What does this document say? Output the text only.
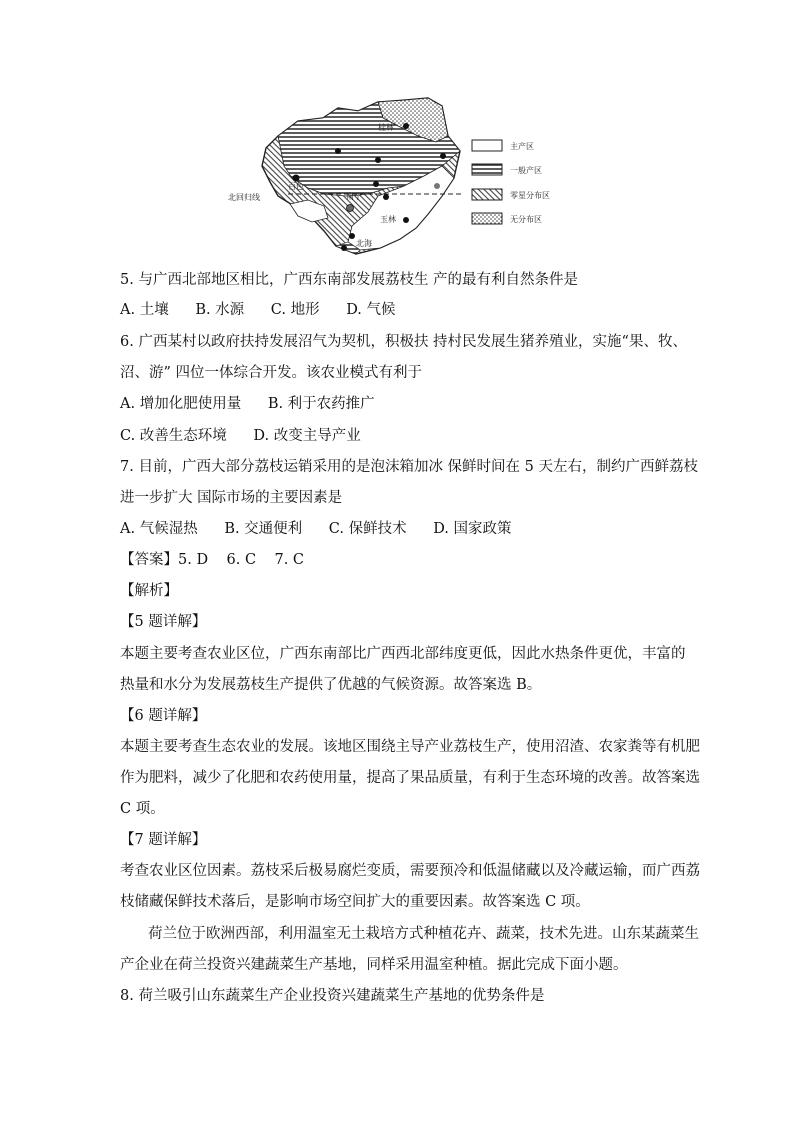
桂林
百色
南宁
玉林
北海
北回归线
主产区
一般产区
零星分布区
无分布区
5. 与广西北部地区相比，广西东南部发展荔枝生 产的最有利自然条件是
A. 土壤 B. 水源 C. 地形 D. 气候
6. 广西某村以政府扶持发展沼气为契机，积极扶 持村民发展生猪养殖业，实施“果、牧、
沼、游” 四位一体综合开发。该农业模式有利于
A. 增加化肥使用量 B. 利于农药推广
C. 改善生态环境 D. 改变主导产业
7. 目前，广西大部分荔枝运销采用的是泡沫箱加冰 保鲜时间在 5 天左右，制约广西鲜荔枝
进一步扩大 国际市场的主要因素是
A. 气候湿热 B. 交通便利 C. 保鲜技术 D. 国家政策
【答案】5. D    6. C    7. C
【解析】
【5 题详解】
本题主要考查农业区位，广西东南部比广西西北部纬度更低，因此水热条件更优，丰富的
热量和水分为发展荔枝生产提供了优越的气候资源。故答案选 B。
【6 题详解】
本题主要考查生态农业的发展。该地区围绕主导产业荔枝生产，使用沼渣、农家粪等有机肥
作为肥料，减少了化肥和农药使用量，提高了果品质量，有利于生态环境的改善。故答案选
C 项。
【7 题详解】
考查农业区位因素。荔枝采后极易腐烂变质，需要预冷和低温储藏以及冷藏运输，而广西荔
枝储藏保鲜技术落后，是影响市场空间扩大的重要因素。故答案选 C 项。
荷兰位于欧洲西部，利用温室无土栽培方式种植花卉、蔬菜，技术先进。山东某蔬菜生
产企业在荷兰投资兴建蔬菜生产基地，同样采用温室种植。据此完成下面小题。
8. 荷兰吸引山东蔬菜生产企业投资兴建蔬菜生产基地的优势条件是
